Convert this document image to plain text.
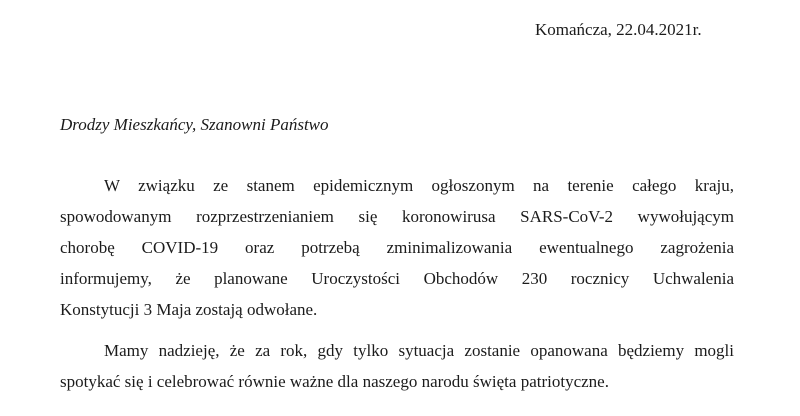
Komańcza, 22.04.2021r.
Drodzy Mieszkańcy, Szanowni Państwo
W związku ze stanem epidemicznym ogłoszonym na terenie całego kraju,
spowodowanym rozprzestrzenianiem się koronowirusa SARS-CoV-2 wywołującym
chorobę COVID-19 oraz potrzebą zminimalizowania ewentualnego zagrożenia
informujemy, że planowane Uroczystości Obchodów 230 rocznicy Uchwalenia
Konstytucji 3 Maja zostają odwołane.
Mamy nadzieję, że za rok, gdy tylko sytuacja zostanie opanowana będziemy mogli
spotykać się i celebrować równie ważne dla naszego narodu święta patriotyczne.
